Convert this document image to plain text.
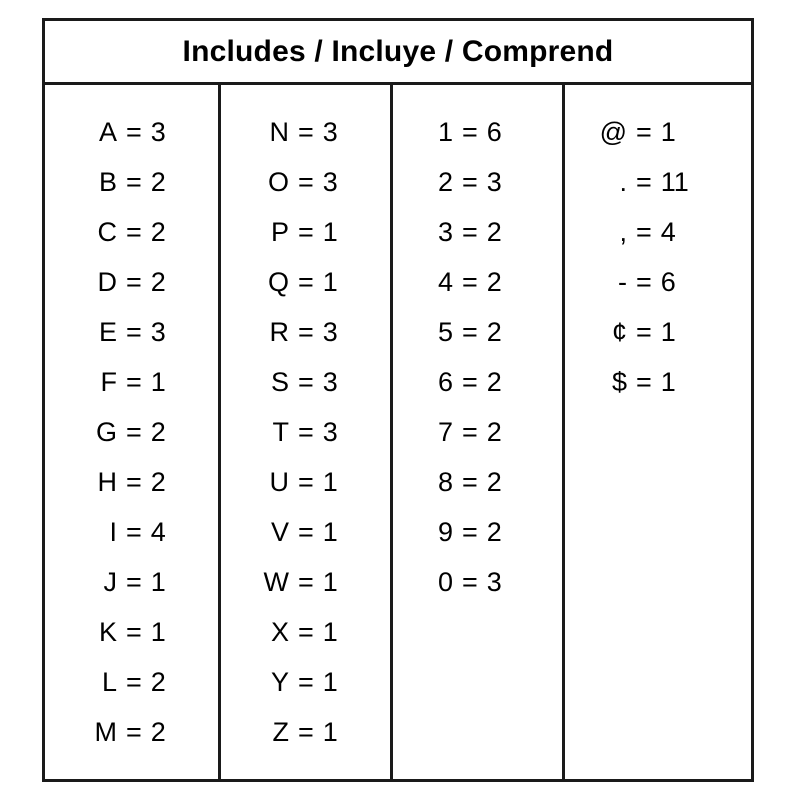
Includes / Incluye / Comprend
A = 3
B = 2
C = 2
D = 2
E = 3
F = 1
G = 2
H = 2
I = 4
J = 1
K = 1
L = 2
M = 2
N = 3
O = 3
P = 1
Q = 1
R = 3
S = 3
T = 3
U = 1
V = 1
W = 1
X = 1
Y = 1
Z = 1
1 = 6
2 = 3
3 = 2
4 = 2
5 = 2
6 = 2
7 = 2
8 = 2
9 = 2
0 = 3
@ = 1
. = 11
, = 4
- = 6
¢ = 1
$ = 1
